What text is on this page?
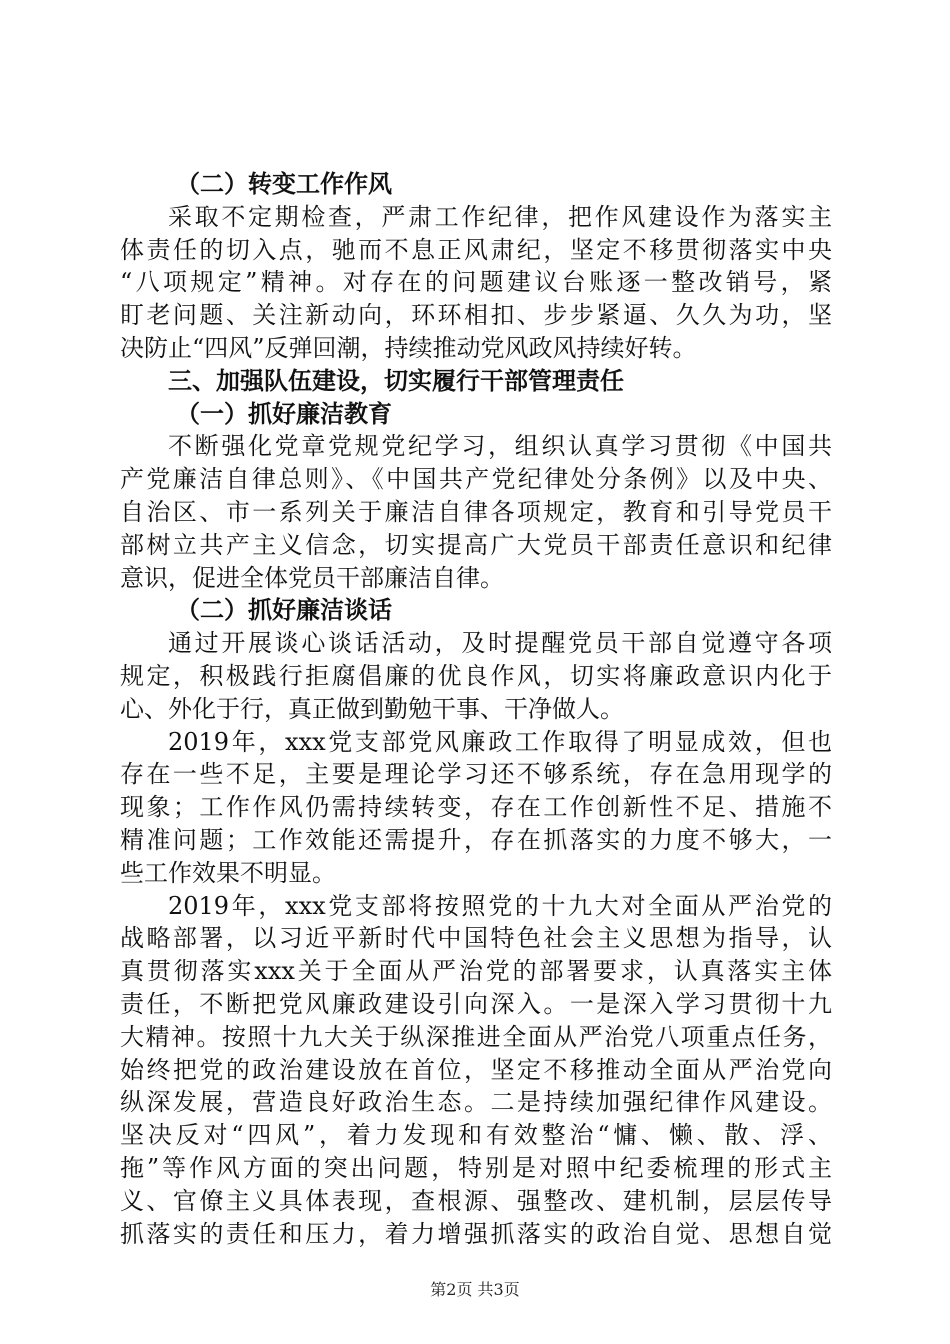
（二）转变工作作风
采取不定期检查，严肃工作纪律，把作风建设作为落实主
体责任的切入点，驰而不息正风肃纪，坚定不移贯彻落实中央
“八项规定”精神。对存在的问题建议台账逐一整改销号，紧
盯老问题、关注新动向，环环相扣、步步紧逼、久久为功，坚
决防止“四风”反弹回潮，持续推动党风政风持续好转。
三、加强队伍建设，切实履行干部管理责任
（一）抓好廉洁教育
不断强化党章党规党纪学习，组织认真学习贯彻《中国共
产党廉洁自律总则》、《中国共产党纪律处分条例》以及中央、
自治区、市一系列关于廉洁自律各项规定，教育和引导党员干
部树立共产主义信念，切实提高广大党员干部责任意识和纪律
意识，促进全体党员干部廉洁自律。
（二）抓好廉洁谈话
通过开展谈心谈话活动，及时提醒党员干部自觉遵守各项
规定，积极践行拒腐倡廉的优良作风，切实将廉政意识内化于
心、外化于行，真正做到勤勉干事、干净做人。
2019年，xxx党支部党风廉政工作取得了明显成效，但也
存在一些不足，主要是理论学习还不够系统，存在急用现学的
现象；工作作风仍需持续转变，存在工作创新性不足、措施不
精准问题；工作效能还需提升，存在抓落实的力度不够大，一
些工作效果不明显。
2019年，xxx党支部将按照党的十九大对全面从严治党的
战略部署，以习近平新时代中国特色社会主义思想为指导，认
真贯彻落实xxx关于全面从严治党的部署要求，认真落实主体
责任，不断把党风廉政建设引向深入。一是深入学习贯彻十九
大精神。按照十九大关于纵深推进全面从严治党八项重点任务，
始终把党的政治建设放在首位，坚定不移推动全面从严治党向
纵深发展，营造良好政治生态。二是持续加强纪律作风建设。
坚决反对“四风”，着力发现和有效整治“慵、懒、散、浮、
拖”等作风方面的突出问题，特别是对照中纪委梳理的形式主
义、官僚主义具体表现，查根源、强整改、建机制，层层传导
抓落实的责任和压力，着力增强抓落实的政治自觉、思想自觉
第2页 共3页
